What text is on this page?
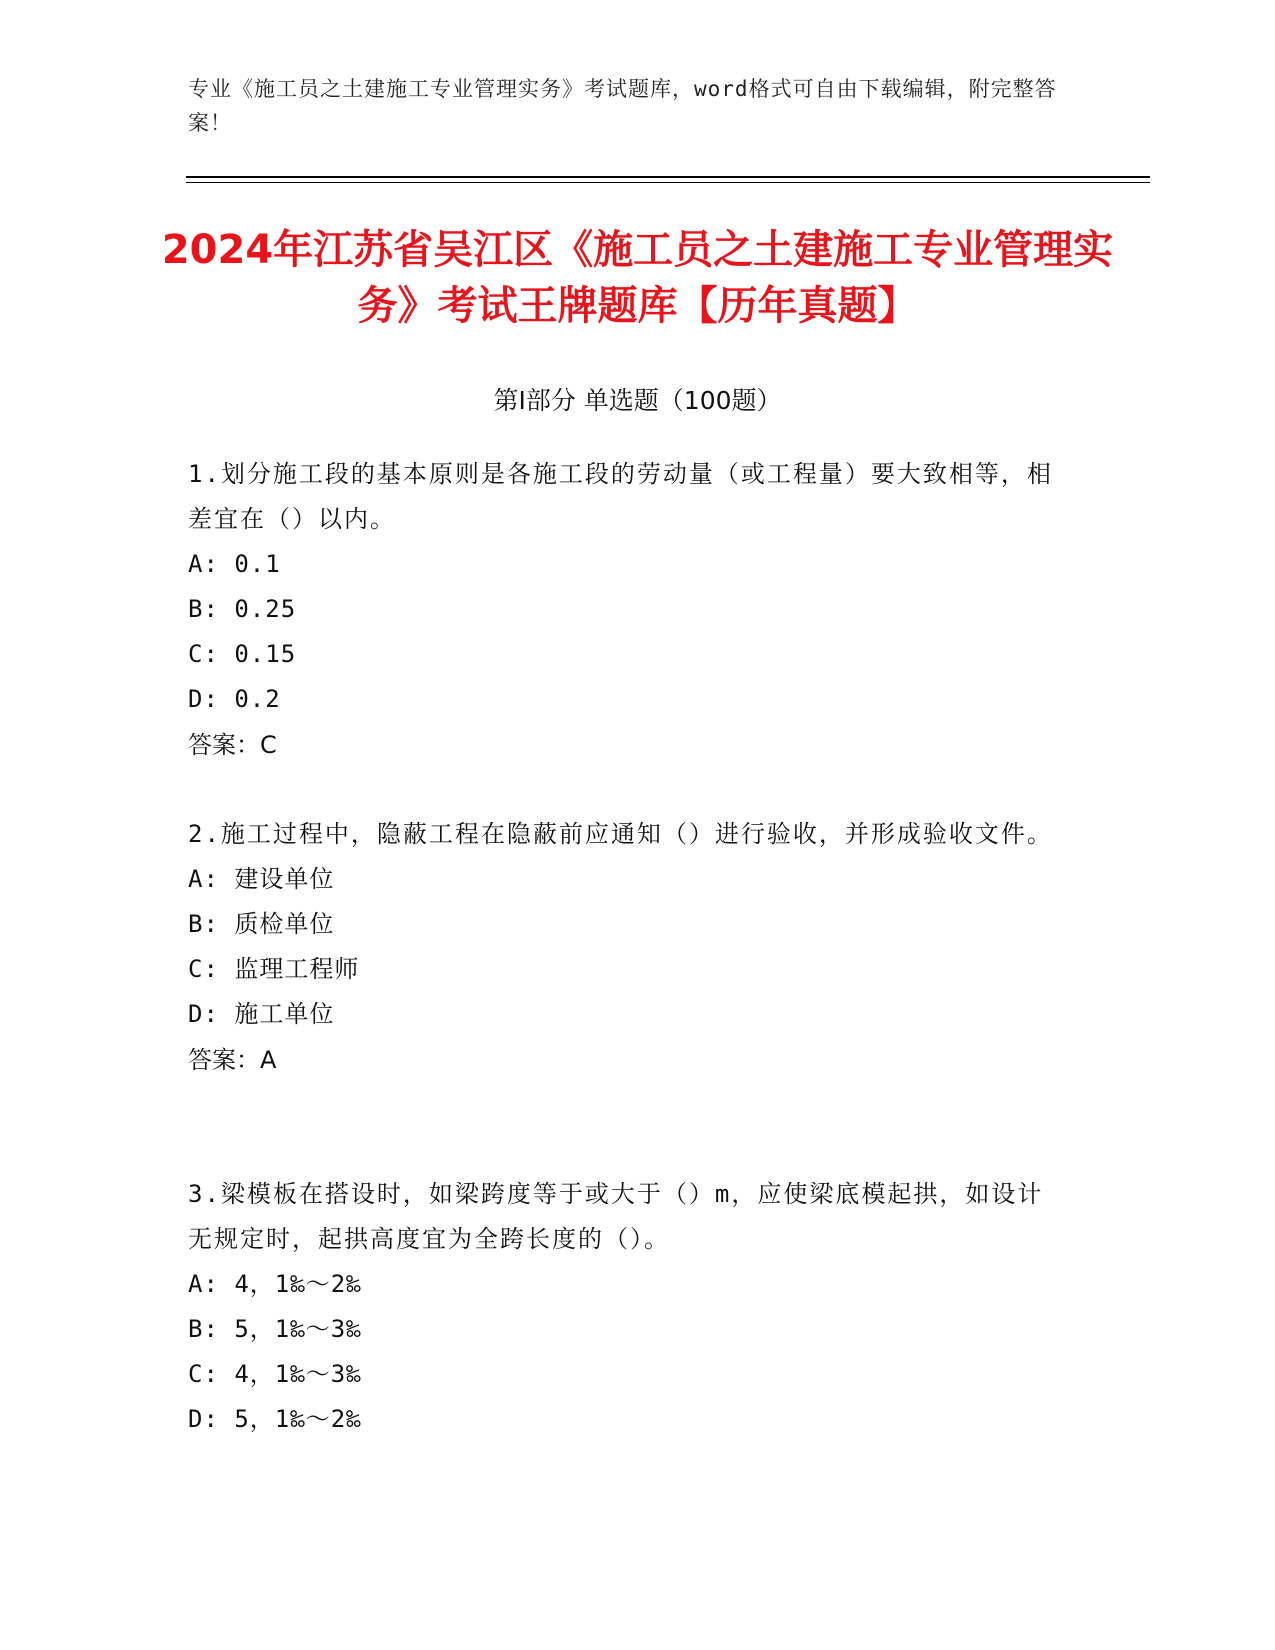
专业《施工员之土建施工专业管理实务》考试题库，word格式可自由下载编辑，附完整答案！
2024年江苏省吴江区《施工员之土建施工专业管理实务》考试王牌题库【历年真题】
第I部分 单选题（100题）
1.划分施工段的基本原则是各施工段的劳动量（或工程量）要大致相等，相差宜在（）以内。
A: 0.1
B: 0.25
C: 0.15
D: 0.2
答案：C
2.施工过程中，隐蔽工程在隐蔽前应通知（）进行验收，并形成验收文件。
A: 建设单位
B: 质检单位
C: 监理工程师
D: 施工单位
答案：A
3.梁模板在搭设时，如梁跨度等于或大于（）m，应使梁底模起拱，如设计无规定时，起拱高度宜为全跨长度的（）。
A: 4，1‰～2‰
B: 5，1‰～3‰
C: 4，1‰～3‰
D: 5，1‰～2‰
